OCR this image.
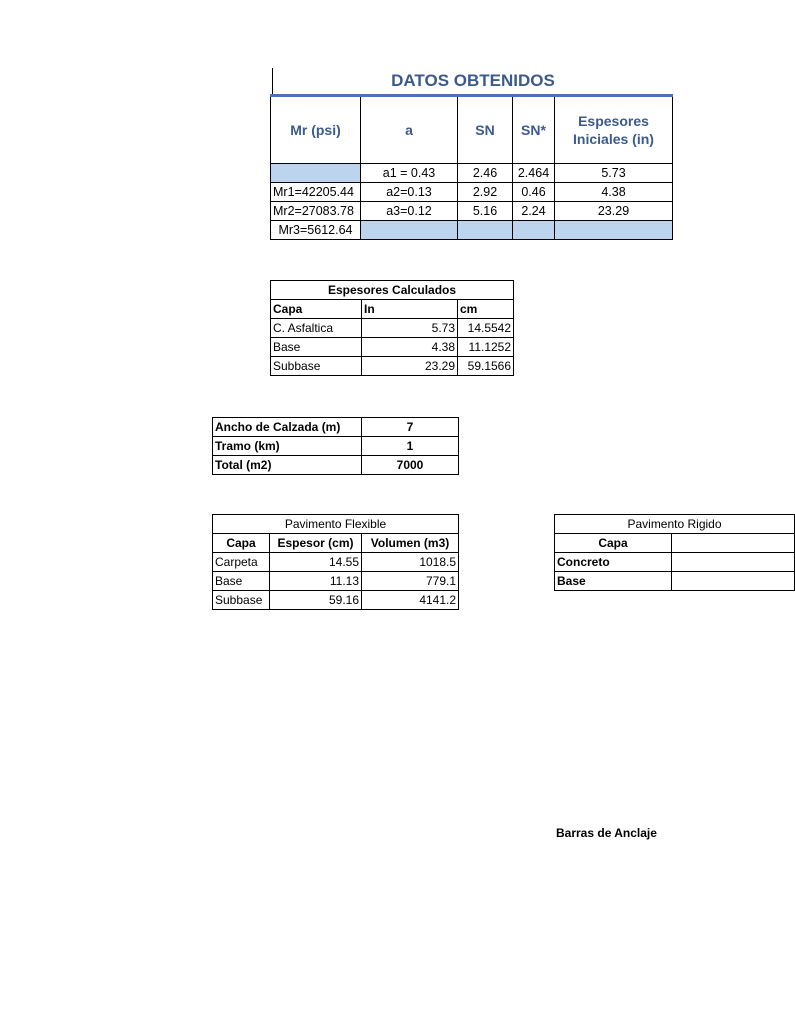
DATOS OBTENIDOS
Mr (psi)	a	SN	SN*	Espesores Iniciales (in)
	a1 = 0.43	2.46	2.464	5.73
Mr1=42205.44	a2=0.13	2.92	0.46	4.38
Mr2=27083.78	a3=0.12	5.16	2.24	23.29
Mr3=5612.64				
Espesores Calculados		
Capa	In	cm
C. Asfaltica	5.73	14.5542
Base	4.38	11.1252
Subbase	23.29	59.1566
Ancho de Calzada (m)	7
Tramo (km)	1
Total (m2)	7000
Pavimento Flexible		
Capa	Espesor (cm)	Volumen (m3)
Carpeta	14.55	1018.5
Base	11.13	779.1
Subbase	59.16	4141.2
Pavimento Rigido	
Capa	
Concreto	
Base	
Barras de Anclaje
